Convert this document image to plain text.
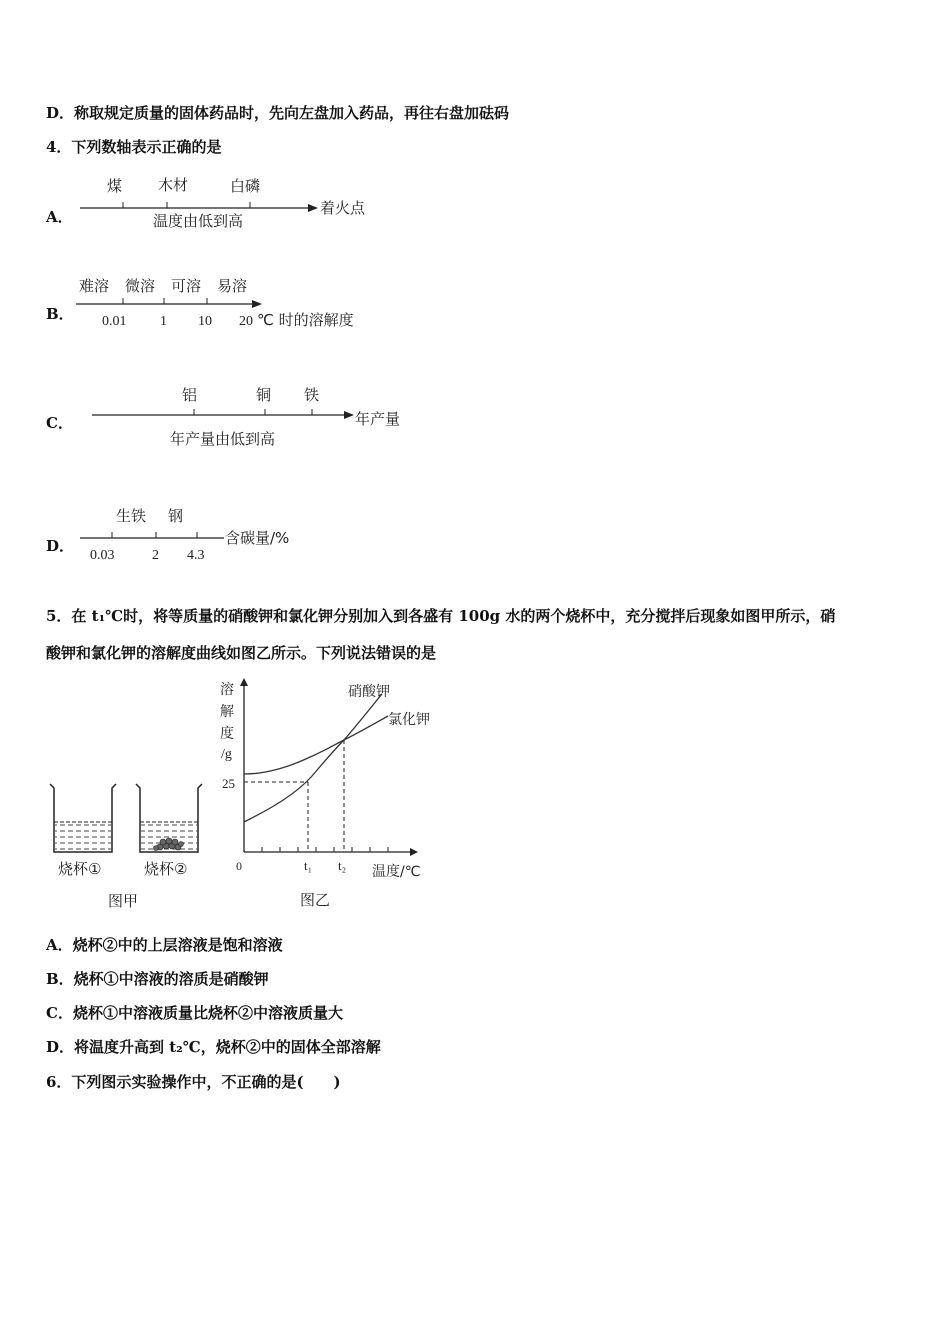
D．称取规定质量的固体药品时，先向左盘加入药品，再往右盘加砝码
4．下列数轴表示正确的是
A．
煤 木材	白磷
着火点
温度由低到高
B．
难溶 微溶 可溶 易溶
0.01 1 10 20 ℃ 时的溶解度
C．
铝	铜 铁
年产量
年产量由低到高
D．
生铁 钢
0.03	2 4.3
含碳量/%
5．在 t₁℃时，将等质量的硝酸钾和氯化钾分别加入到各盛有 100g 水的两个烧杯中，充分搅拌后现象如图甲所示，硝
酸钾和氯化钾的溶解度曲线如图乙所示。下列说法错误的是
烧杯①	烧杯②
图甲
溶
解
度
/g
25
硝酸钾
氯化钾
0	t₁ t₂ 温度/℃
图乙
A．烧杯②中的上层溶液是饱和溶液
B．烧杯①中溶液的溶质是硝酸钾
C．烧杯①中溶液质量比烧杯②中溶液质量大
D．将温度升高到 t₂℃，烧杯②中的固体全部溶解
6．下列图示实验操作中，不正确的是(　　)
